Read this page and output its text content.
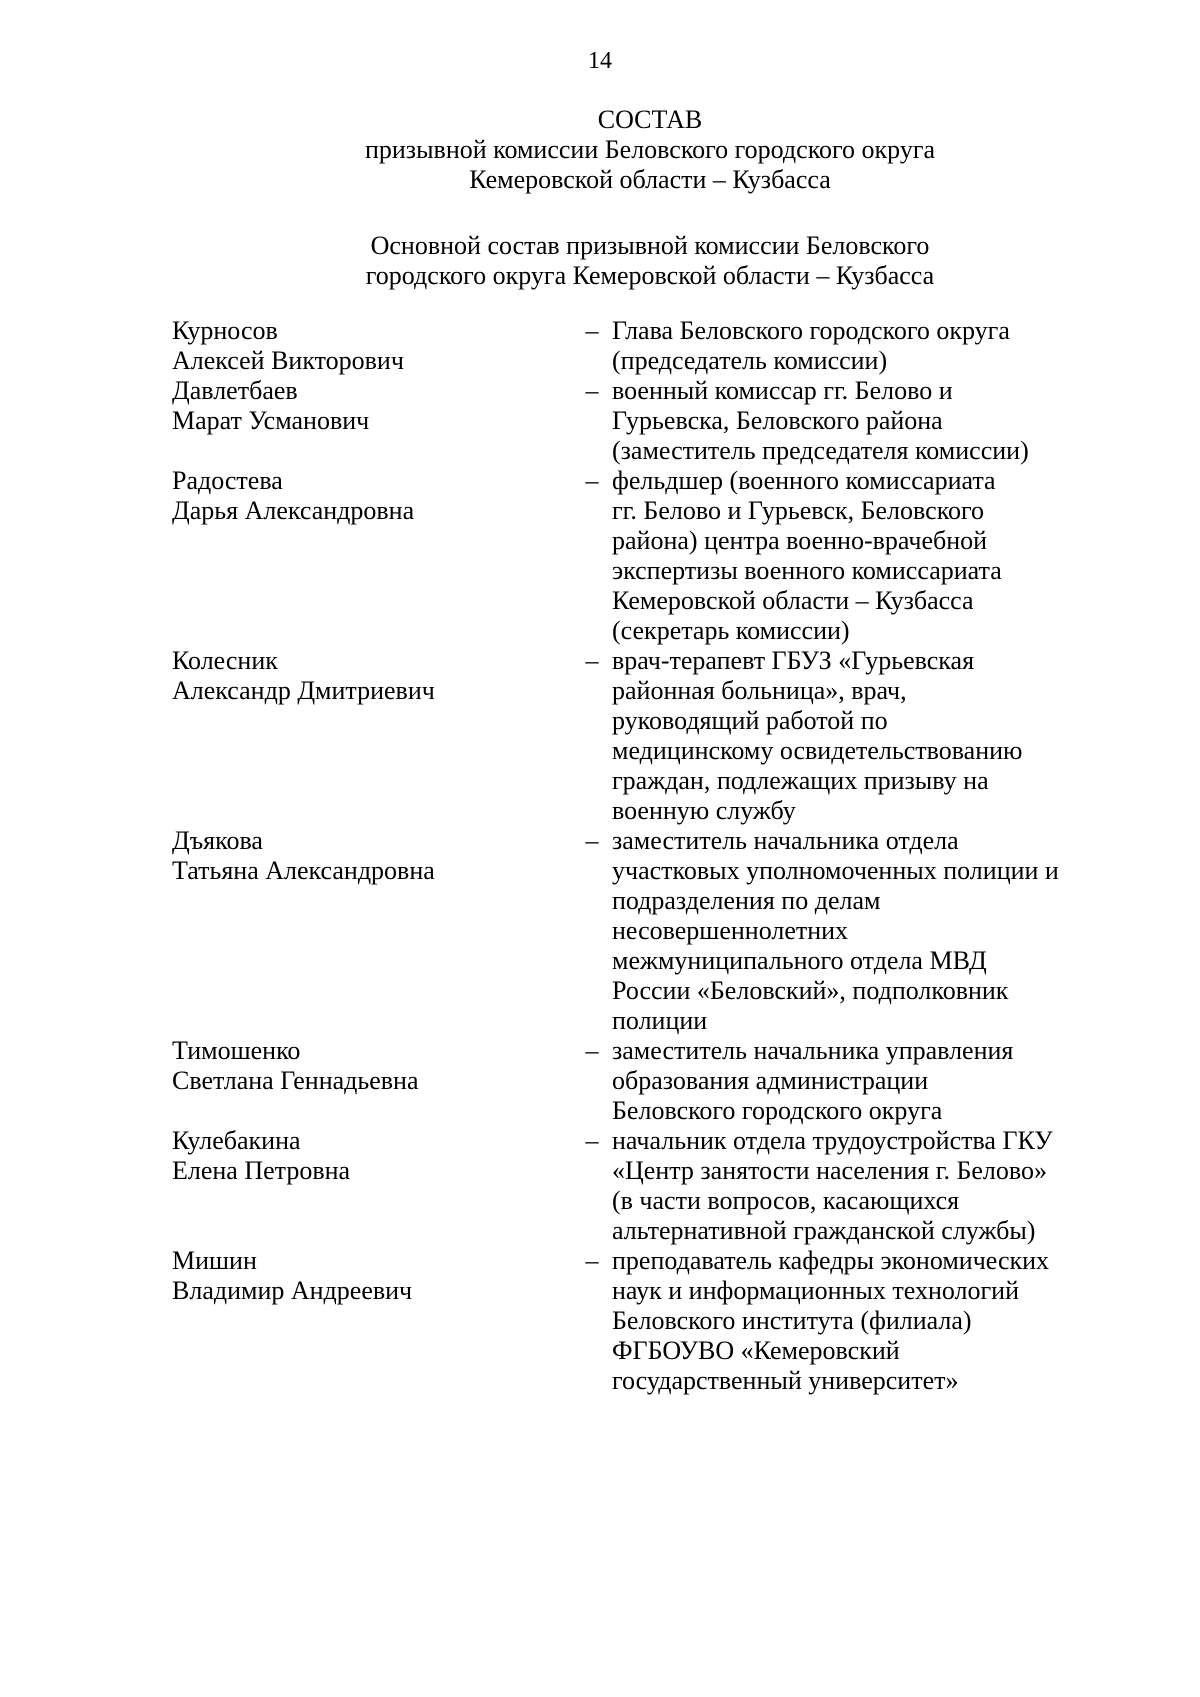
14
СОСТАВ
призывной комиссии Беловского городского округа
Кемеровской области – Кузбасса
Основной состав призывной комиссии Беловского
городского округа Кемеровской области – Кузбасса
Курносов
Алексей Викторович
– Глава Беловского городского округа
(председатель комиссии)
Давлетбаев
Марат Усманович
– военный комиссар гг. Белово и
Гурьевска, Беловского района
(заместитель председателя комиссии)
Радостева
Дарья Александровна
– фельдшер (военного комиссариата
гг. Белово и Гурьевск, Беловского
района) центра военно-врачебной
экспертизы военного комиссариата
Кемеровской области – Кузбасса
(секретарь комиссии)
Колесник
Александр Дмитриевич
– врач-терапевт ГБУЗ «Гурьевская
районная больница», врач,
руководящий работой по
медицинскому освидетельствованию
граждан, подлежащих призыву на
военную службу
Дъякова
Татьяна Александровна
– заместитель начальника отдела
участковых уполномоченных полиции и
подразделения по делам
несовершеннолетних
межмуниципального отдела МВД
России «Беловский», подполковник
полиции
Тимошенко
Светлана Геннадьевна
– заместитель начальника управления
образования администрации
Беловского городского округа
Кулебакина
Елена Петровна
– начальник отдела трудоустройства ГКУ
«Центр занятости населения г. Белово»
(в части вопросов, касающихся
альтернативной гражданской службы)
Мишин
Владимир Андреевич
– преподаватель кафедры экономических
наук и информационных технологий
Беловского института (филиала)
ФГБОУВО «Кемеровский
государственный университет»
